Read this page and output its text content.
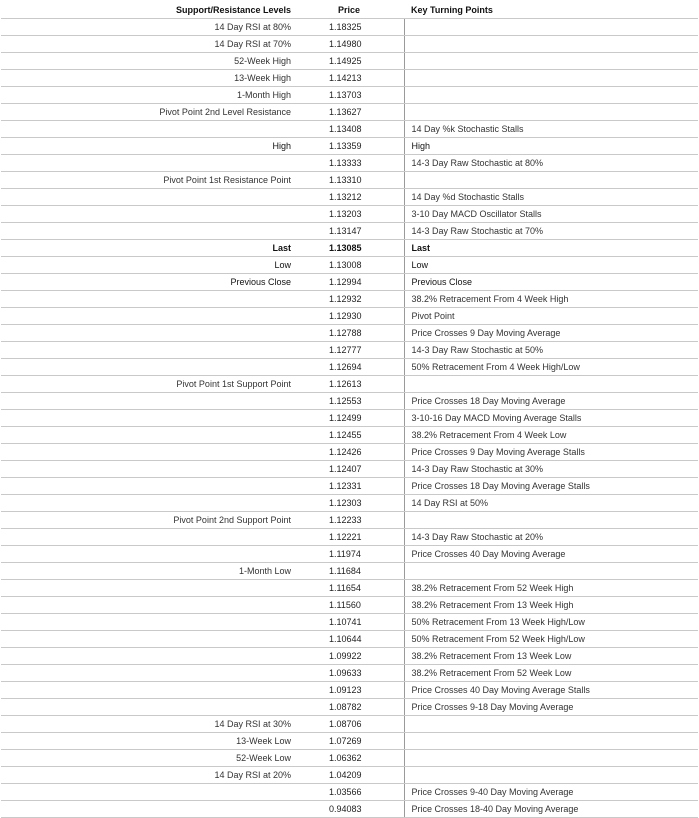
Support/Resistance Levels	Price	Key Turning Points
14 Day RSI at 80%	1.18325	
14 Day RSI at 70%	1.14980	
52-Week High	1.14925	
13-Week High	1.14213	
1-Month High	1.13703	
Pivot Point 2nd Level Resistance	1.13627	
	1.13408	14 Day %k Stochastic Stalls
High	1.13359	High
	1.13333	14-3 Day Raw Stochastic at 80%
Pivot Point 1st Resistance Point	1.13310	
	1.13212	14 Day %d Stochastic Stalls
	1.13203	3-10 Day MACD Oscillator Stalls
	1.13147	14-3 Day Raw Stochastic at 70%
Last	1.13085	Last
Low	1.13008	Low
Previous Close	1.12994	Previous Close
	1.12932	38.2% Retracement From 4 Week High
	1.12930	Pivot Point
	1.12788	Price Crosses 9 Day Moving Average
	1.12777	14-3 Day Raw Stochastic at 50%
	1.12694	50% Retracement From 4 Week High/Low
Pivot Point 1st Support Point	1.12613	
	1.12553	Price Crosses 18 Day Moving Average
	1.12499	3-10-16 Day MACD Moving Average Stalls
	1.12455	38.2% Retracement From 4 Week Low
	1.12426	Price Crosses 9 Day Moving Average Stalls
	1.12407	14-3 Day Raw Stochastic at 30%
	1.12331	Price Crosses 18 Day Moving Average Stalls
	1.12303	14 Day RSI at 50%
Pivot Point 2nd Support Point	1.12233	
	1.12221	14-3 Day Raw Stochastic at 20%
	1.11974	Price Crosses 40 Day Moving Average
1-Month Low	1.11684	
	1.11654	38.2% Retracement From 52 Week High
	1.11560	38.2% Retracement From 13 Week High
	1.10741	50% Retracement From 13 Week High/Low
	1.10644	50% Retracement From 52 Week High/Low
	1.09922	38.2% Retracement From 13 Week Low
	1.09633	38.2% Retracement From 52 Week Low
	1.09123	Price Crosses 40 Day Moving Average Stalls
	1.08782	Price Crosses 9-18 Day Moving Average
14 Day RSI at 30%	1.08706	
13-Week Low	1.07269	
52-Week Low	1.06362	
14 Day RSI at 20%	1.04209	
	1.03566	Price Crosses 9-40 Day Moving Average
	0.94083	Price Crosses 18-40 Day Moving Average
